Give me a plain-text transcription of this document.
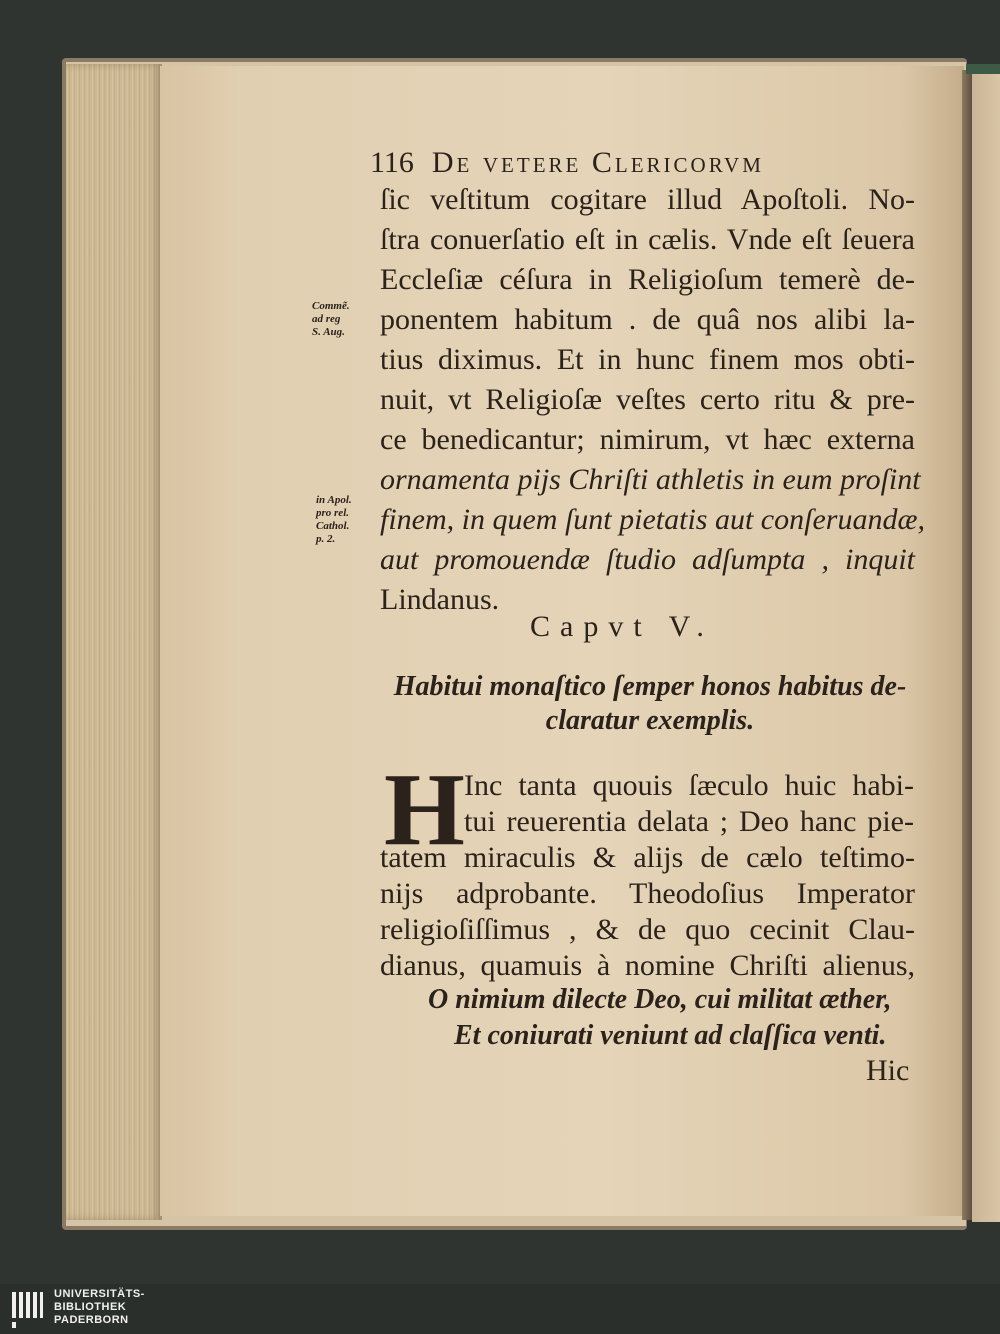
116 De vetere Clericorvm
ſic veſtitum cogitare illud Apoſtoli. No-
ſtra conuerſatio eſt in cælis. Vnde eſt ſeuera
Eccleſiæ céſura in Religioſum temerè de-
ponentem habitum . de quâ nos alibi la-
tius diximus. Et in hunc finem mos obti-
nuit, vt Religioſæ veſtes certo ritu & pre-
ce benedicantur; nimirum, vt hæc externa
ornamenta pijs Chriſti athletis in eum proſint
finem, in quem ſunt pietatis aut conſeruandæ,
aut promouendæ ſtudio adſumpta , inquit
Lindanus.
Commẽ.
ad reg
S. Aug.
in Apol.
pro rel.
Cathol.
p. 2.
Capvt V.
Habitui monaſtico ſemper honos habitus de-
claratur exemplis.
H Inc tanta quouis ſæculo huic habi-
tui reuerentia delata ; Deo hanc pie-
tatem miraculis & alijs de cælo teſtimo-
nijs adprobante. Theodoſius Imperator
religioſiſſimus , & de quo cecinit Clau-
dianus, quamuis à nomine Chriſti alienus,
O nimium dilecte Deo, cui militat æther,
Et coniurati veniunt ad claſſica venti.
Hic
UNIVERSITÄTS-
BIBLIOTHEK
PADERBORN
